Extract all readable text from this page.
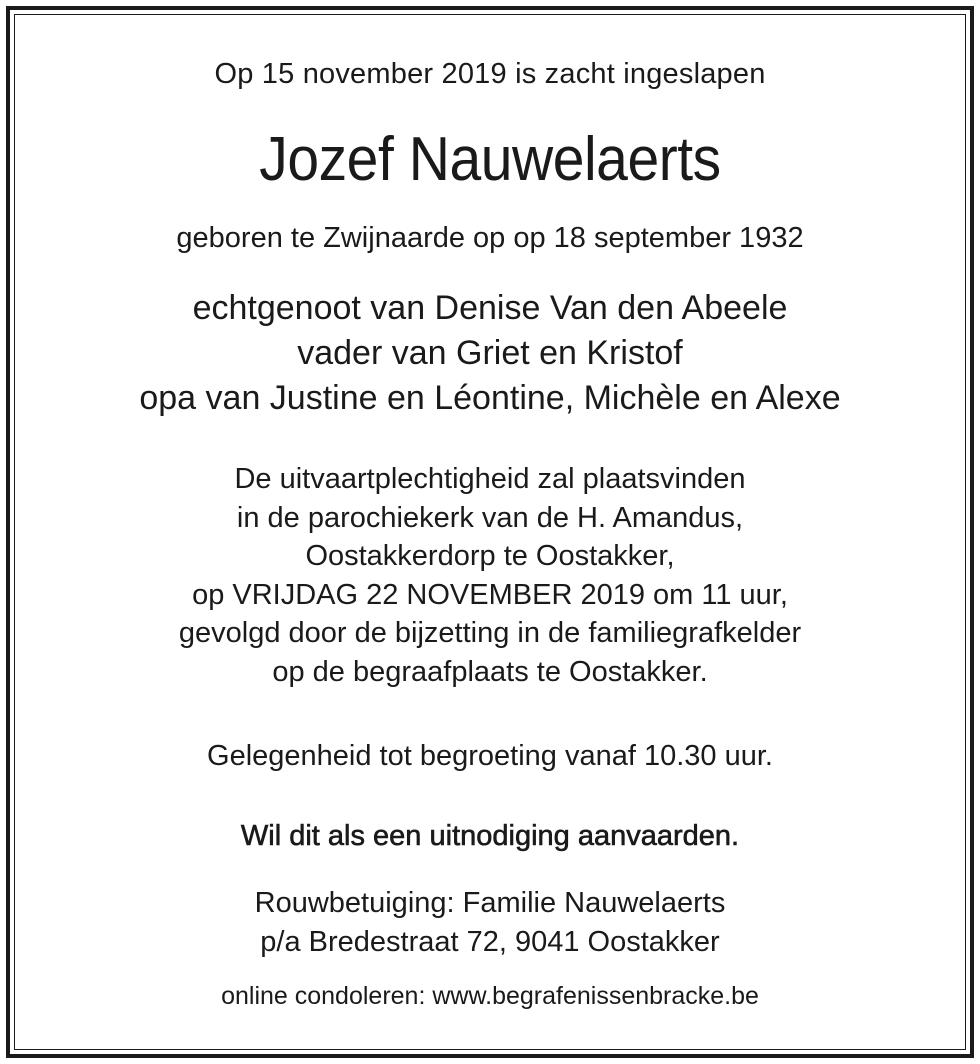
Op 15 november 2019 is zacht ingeslapen
Jozef Nauwelaerts
geboren te Zwijnaarde op op 18 september 1932
echtgenoot van Denise Van den Abeele
vader van Griet en Kristof
opa van Justine en Léontine, Michèle en Alexe
De uitvaartplechtigheid zal plaatsvinden
in de parochiekerk van de H. Amandus,
Oostakkerdorp te Oostakker,
op VRIJDAG 22 NOVEMBER 2019 om 11 uur,
gevolgd door de bijzetting in de familiegrafkelder
op de begraafplaats te Oostakker.
Gelegenheid tot begroeting vanaf 10.30 uur.
Wil dit als een uitnodiging aanvaarden.
Rouwbetuiging: Familie Nauwelaerts
p/a Bredestraat 72, 9041 Oostakker
online condoleren: www.begrafenissenbracke.be
